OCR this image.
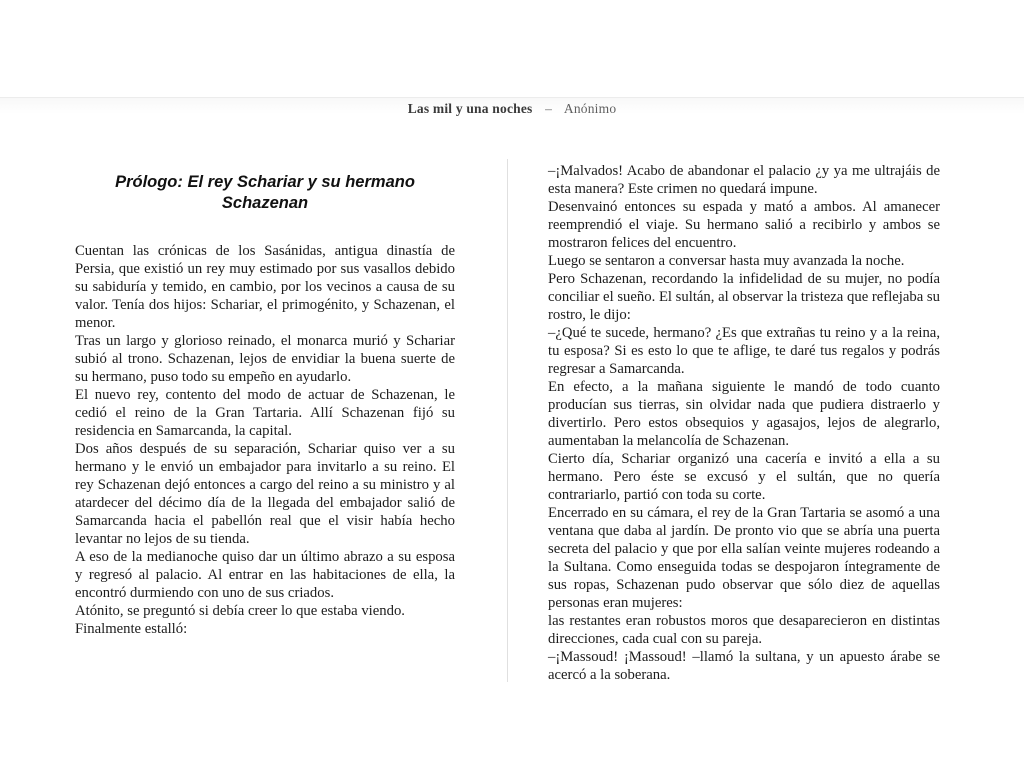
Las mil y una noches – Anónimo
Prólogo: El rey Schariar y su hermano Schazenan

Cuentan las crónicas de los Sasánidas, antigua dinastía de Persia, que existió un rey muy estimado por sus vasallos debido su sabiduría y temido, en cambio, por los vecinos a causa de su valor. Tenía dos hijos: Schariar, el primogénito, y Schazenan, el menor.

Tras un largo y glorioso reinado, el monarca murió y Schariar subió al trono. Schazenan, lejos de envidiar la buena suerte de su hermano, puso todo su empeño en ayudarlo.

El nuevo rey, contento del modo de actuar de Schazenan, le cedió el reino de la Gran Tartaria. Allí Schazenan fijó su residencia en Samarcanda, la capital.

Dos años después de su separación, Schariar quiso ver a su hermano y le envió un embajador para invitarlo a su reino. El rey Schazenan dejó entonces a cargo del reino a su ministro y al atardecer del décimo día de la llegada del embajador salió de Samarcanda hacia el pabellón real que el visir había hecho levantar no lejos de su tienda.

A eso de la medianoche quiso dar un último abrazo a su esposa y regresó al palacio. Al entrar en las habitaciones de ella, la encontró durmiendo con uno de sus criados.

Atónito, se preguntó si debía creer lo que estaba viendo.

Finalmente estalló:

–¡Malvados! Acabo de abandonar el palacio ¿y ya me ultrajáis de esta manera? Este crimen no quedará impune.

Desenvainó entonces su espada y mató a ambos. Al amanecer reemprendió el viaje. Su hermano salió a recibirlo y ambos se mostraron felices del encuentro.

Luego se sentaron a conversar hasta muy avanzada la noche.

Pero Schazenan, recordando la infidelidad de su mujer, no podía conciliar el sueño. El sultán, al observar la tristeza que reflejaba su rostro, le dijo:

–¿Qué te sucede, hermano? ¿Es que extrañas tu reino y a la reina, tu esposa? Si es esto lo que te aflige, te daré tus regalos y podrás regresar a Samarcanda.

En efecto, a la mañana siguiente le mandó de todo cuanto producían sus tierras, sin olvidar nada que pudiera distraerlo y divertirlo. Pero estos obsequios y agasajos, lejos de alegrarlo, aumentaban la melancolía de Schazenan.

Cierto día, Schariar organizó una cacería e invitó a ella a su hermano. Pero éste se excusó y el sultán, que no quería contrariarlo, partió con toda su corte.

Encerrado en su cámara, el rey de la Gran Tartaria se asomó a una ventana que daba al jardín. De pronto vio que se abría una puerta secreta del palacio y que por ella salían veinte mujeres rodeando a la Sultana. Como enseguida todas se despojaron íntegramente de sus ropas, Schazenan pudo observar que sólo diez de aquellas personas eran mujeres:

las restantes eran robustos moros que desaparecieron en distintas direcciones, cada cual con su pareja.

–¡Massoud! ¡Massoud! –llamó la sultana, y un apuesto árabe se acercó a la soberana.
